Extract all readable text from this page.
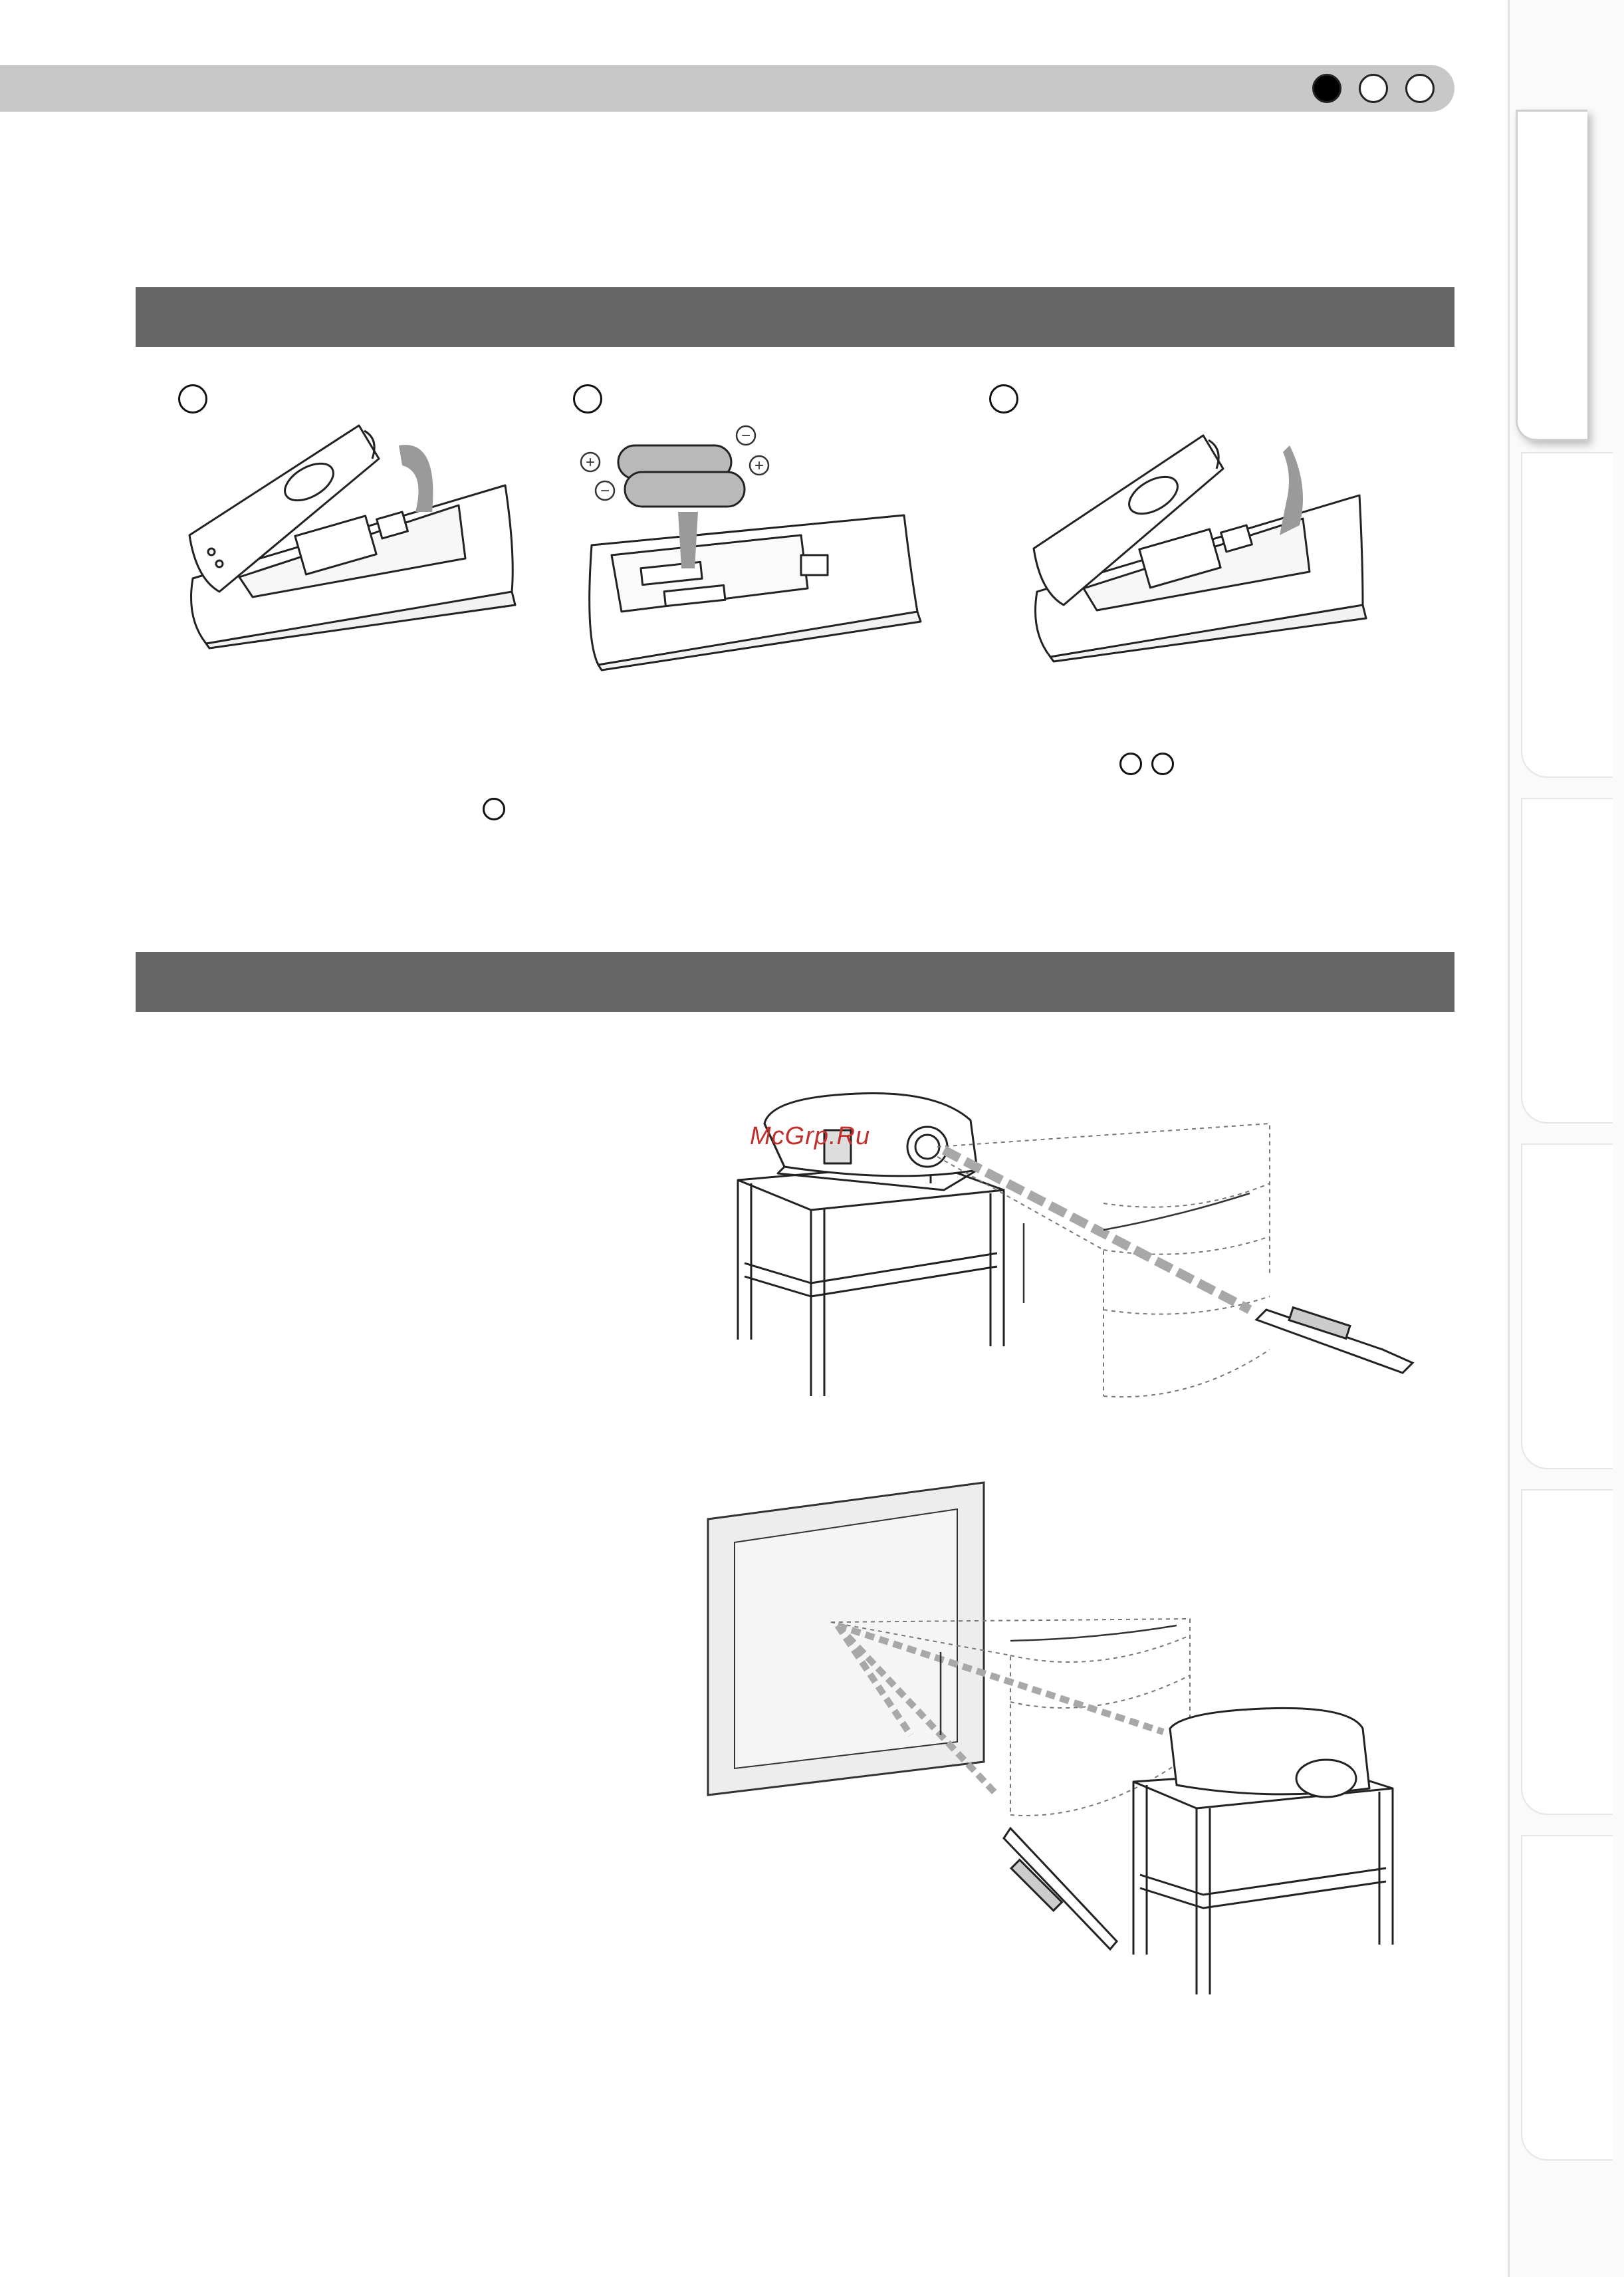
+
−
+
−
McGrp.Ru
